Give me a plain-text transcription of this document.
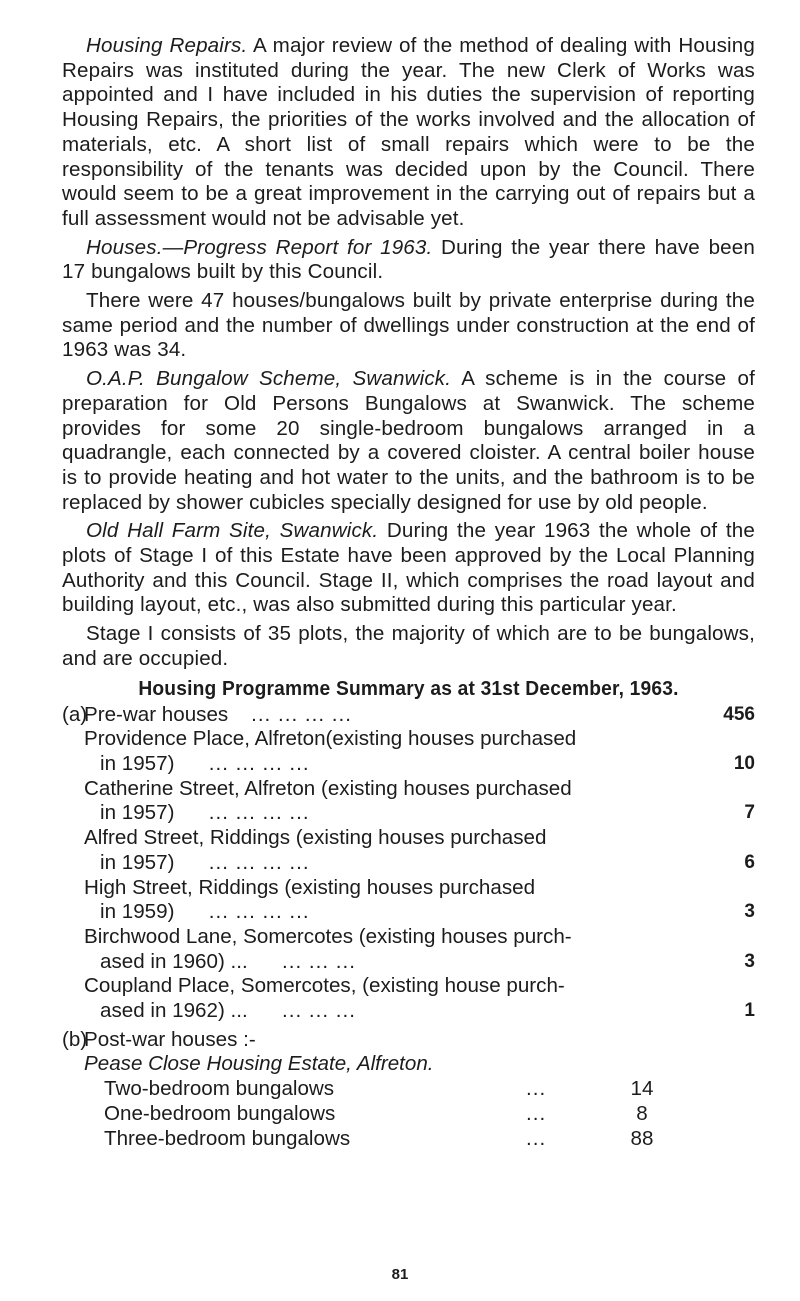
Housing Repairs. A major review of the method of dealing with Housing Repairs was instituted during the year. The new Clerk of Works was appointed and I have included in his duties the supervision of reporting Housing Repairs, the priorities of the works involved and the allocation of materials, etc. A short list of small repairs which were to be the responsibility of the tenants was decided upon by the Council. There would seem to be a great improvement in the carrying out of repairs but a full assessment would not be advisable yet.

Houses.—Progress Report for 1963. During the year there have been 17 bungalows built by this Council.

There were 47 houses/bungalows built by private enterprise during the same period and the number of dwellings under construction at the end of 1963 was 34.

O.A.P. Bungalow Scheme, Swanwick. A scheme is in the course of preparation for Old Persons Bungalows at Swanwick. The scheme provides for some 20 single-bedroom bungalows arranged in a quadrangle, each connected by a covered cloister. A central boiler house is to provide heating and hot water to the units, and the bathroom is to be replaced by shower cubicles specially designed for use by old people.

Old Hall Farm Site, Swanwick. During the year 1963 the whole of the plots of Stage I of this Estate have been approved by the Local Planning Authority and this Council. Stage II, which comprises the road layout and building layout, etc., was also submitted during this particular year.

Stage I consists of 35 plots, the majority of which are to be bungalows, and are occupied.

Housing Programme Summary as at 31st December, 1963.
(a)
Pre-war houses ... ... ... ...	456
Providence Place, Alfreton(existing houses purchased
in 1957) ... ... ... ...	10
Catherine Street, Alfreton (existing houses purchased
in 1957) ... ... ... ...	7
Alfred Street, Riddings (existing houses purchased
in 1957) ... ... ... ...	6
High Street, Riddings (existing houses purchased
in 1959) ... ... ... ...	3
Birchwood Lane, Somercotes (existing houses purch-
ased in 1960) ... ... ... ...	3
Coupland Place, Somercotes, (existing house purch-
ased in 1962) ... ... ... ...	1
(b)
Post-war houses :-
Pease Close Housing Estate, Alfreton.
Two-bedroom bungalows	...	14
One-bedroom bungalows	...	8
Three-bedroom bungalows	...	88
81
